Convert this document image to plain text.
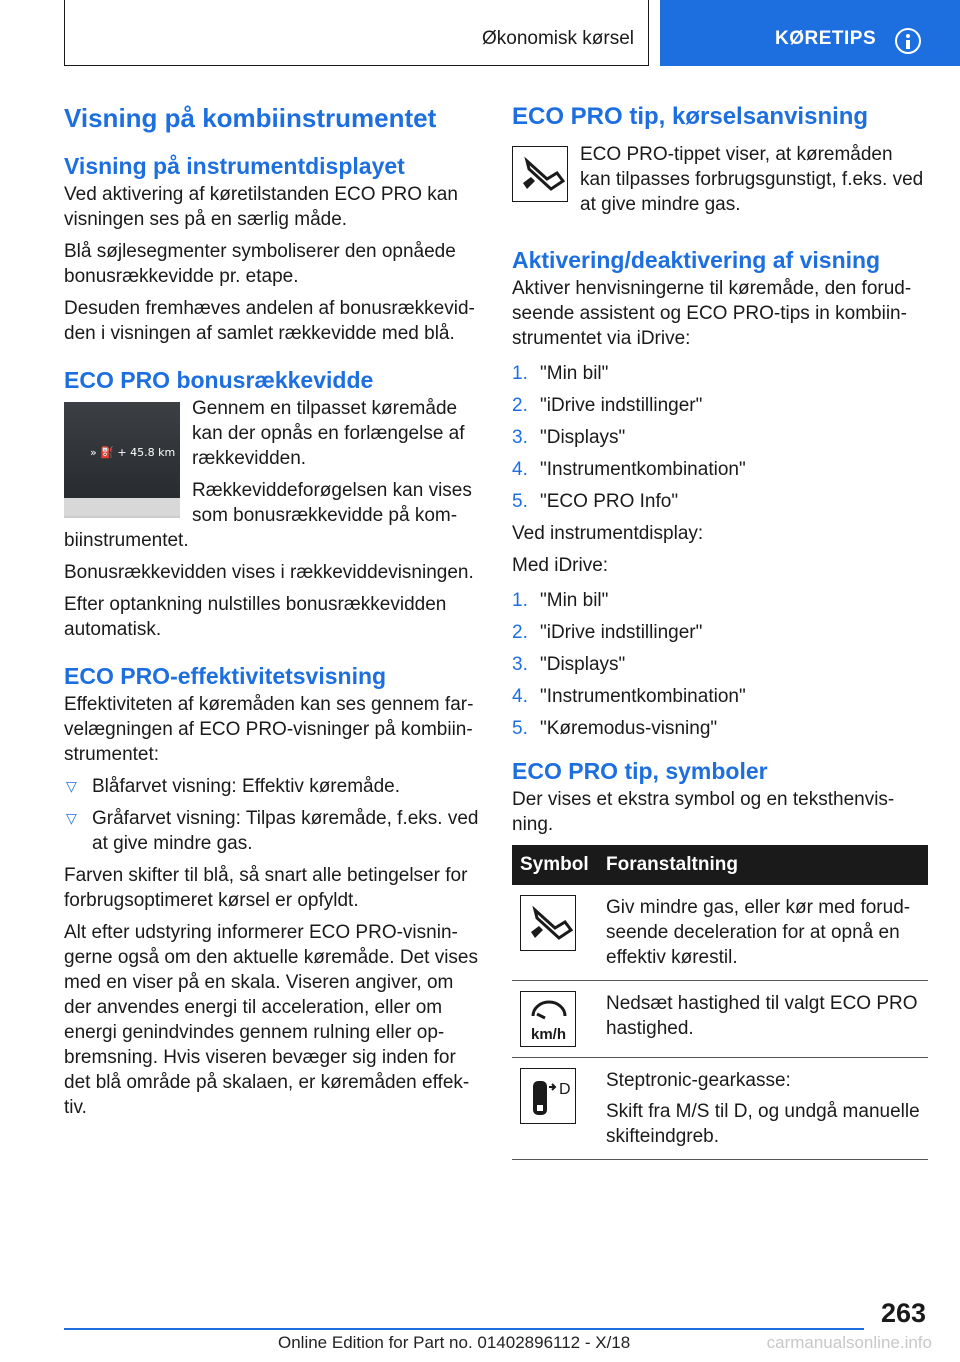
Økonomisk kørsel	KØRETIPS
Visning på kombiinstrumentet
Visning på instrumentdisplayet

Ved aktivering af køretilstanden ECO PRO kan visningen ses på en særlig måde.

Blå søjlesegmenter symboliserer den opnåede bonusrækkevidde pr. etape.

Desuden fremhæves andelen af bonusrækkevid-den i visningen af samlet rækkevidde med blå.

ECO PRO bonusrækkevidde
» ⛽ + 45.8 km

Gennem en tilpasset køremåde kan der opnås en forlængelse af rækkevidden.

Rækkeviddeforøgelsen kan vises som bonusrækkevidde på kom-biinstrumentet.

Bonusrækkevidden vises i rækkeviddevisningen.

Efter optankning nulstilles bonusrækkevidden automatisk.

ECO PRO-effektivitetsvisning

Effektiviteten af køremåden kan ses gennem far-velægningen af ECO PRO-visninger på kombiin-strumentet:

▽ Blåfarvet visning: Effektiv køremåde.
▽ Gråfarvet visning: Tilpas køremåde, f.eks. ved at give mindre gas.

Farven skifter til blå, så snart alle betingelser for forbrugsoptimeret kørsel er opfyldt.

Alt efter udstyring informerer ECO PRO-visnin-gerne også om den aktuelle køremåde. Det vises med en viser på en skala. Viseren angiver, om der anvendes energi til acceleration, eller om energi genindvindes gennem rulning eller op-bremsning. Hvis viseren bevæger sig inden for det blå område på skalaen, er køremåden effek-tiv.

ECO PRO tip, kørselsanvisning

ECO PRO-tippet viser, at køremåden kan tilpasses forbrugsgunstigt, f.eks. ved at give mindre gas.

Aktivering/deaktivering af visning

Aktiver henvisningerne til køremåde, den forud-seende assistent og ECO PRO-tips in kombiin-strumentet via iDrive:

1. "Min bil"
2. "iDrive indstillinger"
3. "Displays"
4. "Instrumentkombination"
5. "ECO PRO Info"

Ved instrumentdisplay:

Med iDrive:

1. "Min bil"
2. "iDrive indstillinger"
3. "Displays"
4. "Instrumentkombination"
5. "Køremodus-visning"
ECO PRO tip, symboler

Der vises et ekstra symbol og en teksthenvis-ning.

Symbol	Foranstaltning

	Giv mindre gas, eller kør med forud-seende deceleration for at opnå en effektiv kørestil.

km/h	Nedsæt hastighed til valgt ECO PRO hastighed.

D	Steptronic-gearkasse:

Skift fra M/S til D, og undgå manuelle skifteindgreb.

263
Online Edition for Part no. 01402896112 - X/18	carmanualsonline.info
